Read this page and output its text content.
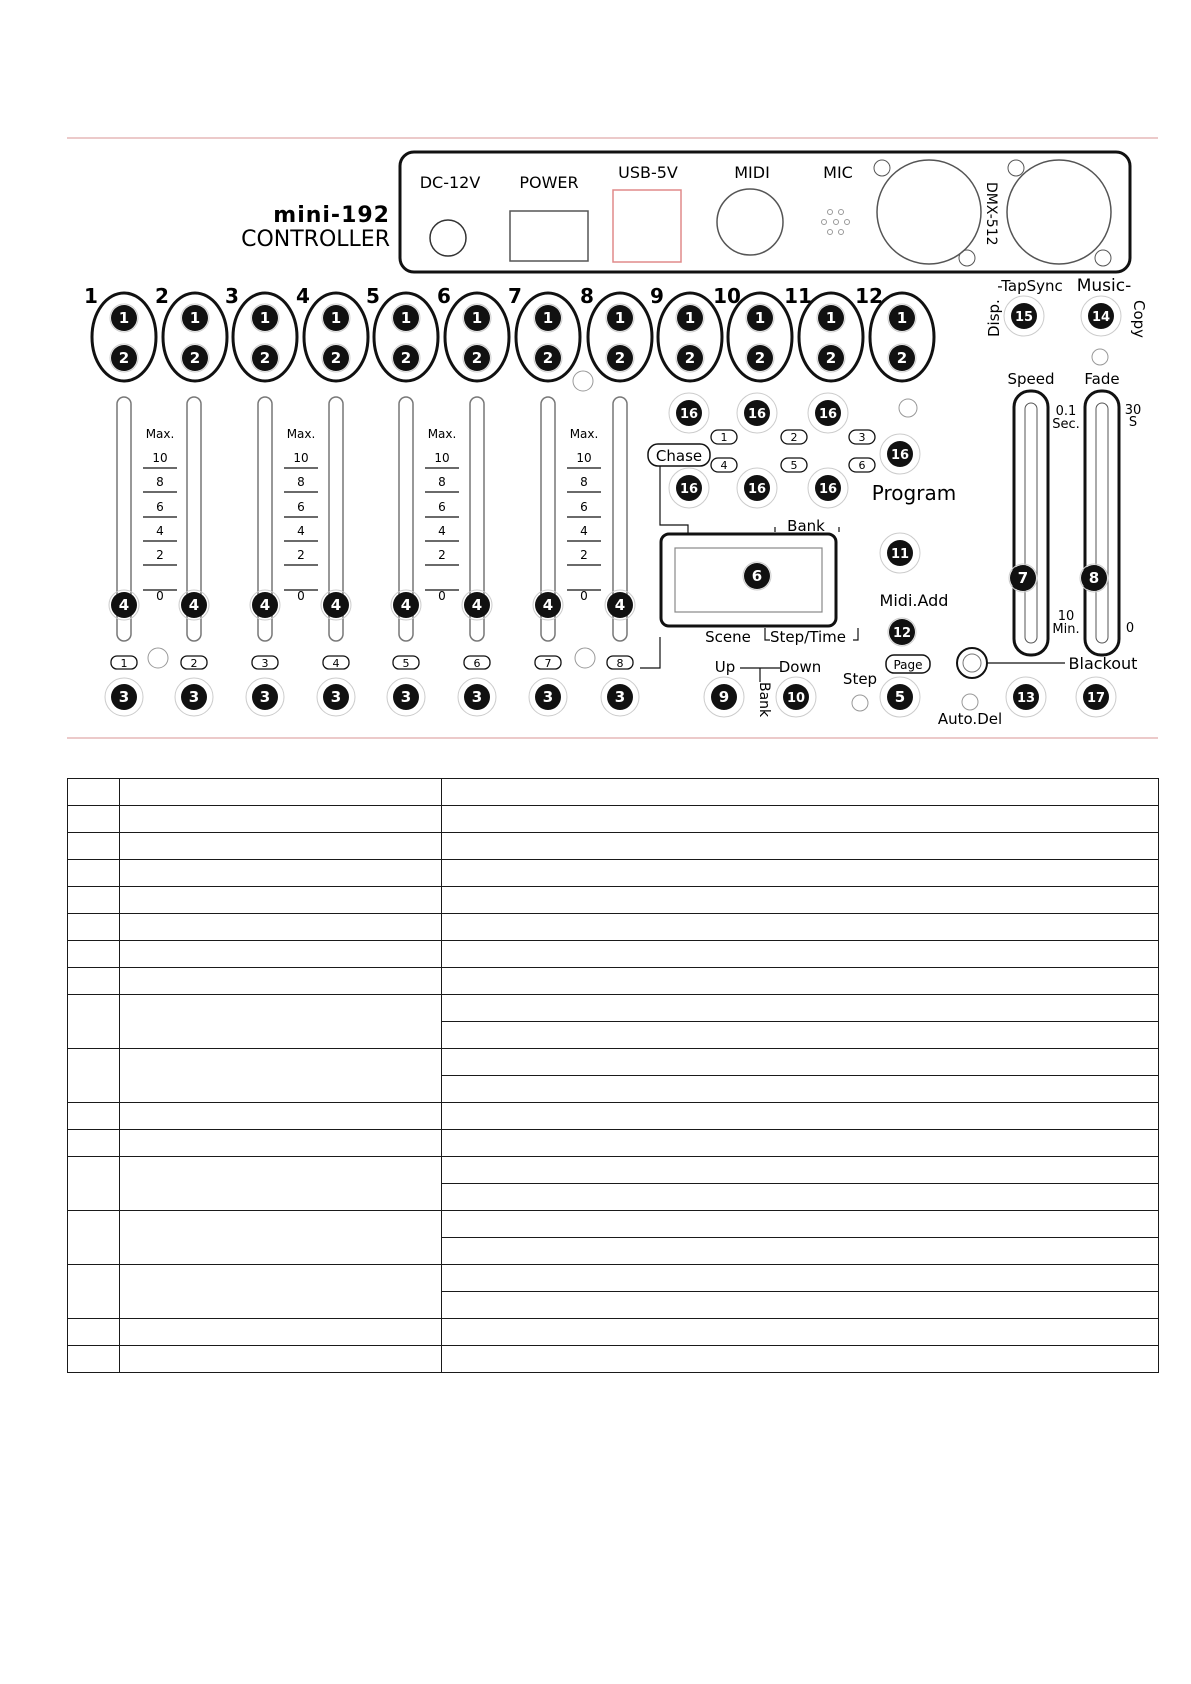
mini-192
CONTROLLER
DC-12V POWER
USB-5V	MIDI	MIC
DMX-512
1	2	3	4	5	6	7	8	9 10 11 12
1
2
1
2
1
2
1
2
1
2
1
2
1
2
1
2
1
2
1
2
1
2
1
2
4	4
Max.
10
8
6
4
2
0	4	4
Max.
10
8
6
4
2
0	4	4
Max.
10
8
6
4
2
0	4	4
Max.
10
8
6
4
2
0
1
3
2
3
3
3
4
3
5
3
6
3
7
3
8
3
Chase
Program
1	2	3
4	5	6
Bank
Scene Step/Time
Midi.Add
Page
Up	Down
Bank
Step
Auto.Del
-TapSync Music-
Disp.	Copy
Speed
0.1
Sec.
10
Min.
Fade
30
S
0
Blackout
16	16	16
16
16	16	16
6	7	8
9	10
11
12
5	13
15	14
17
